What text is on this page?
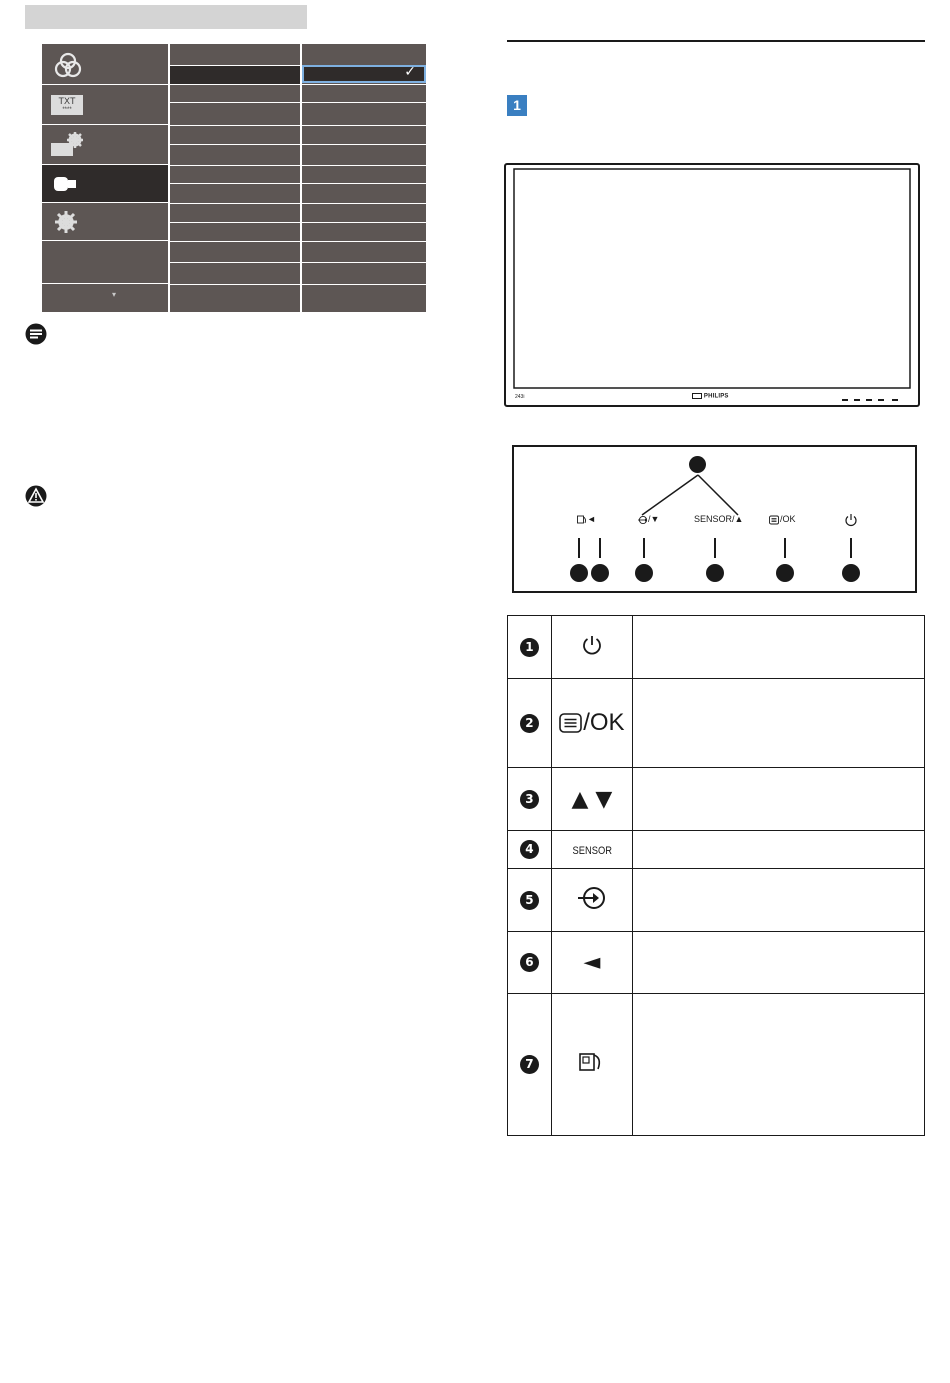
TXT
****
▾
✓
1
243i	PHILIPS
◄	/▼	SENSOR/▲	/OK
1		
2	/OK	
3	▲ ▼	
4	SENSOR	
5		
6	◄	
7		
